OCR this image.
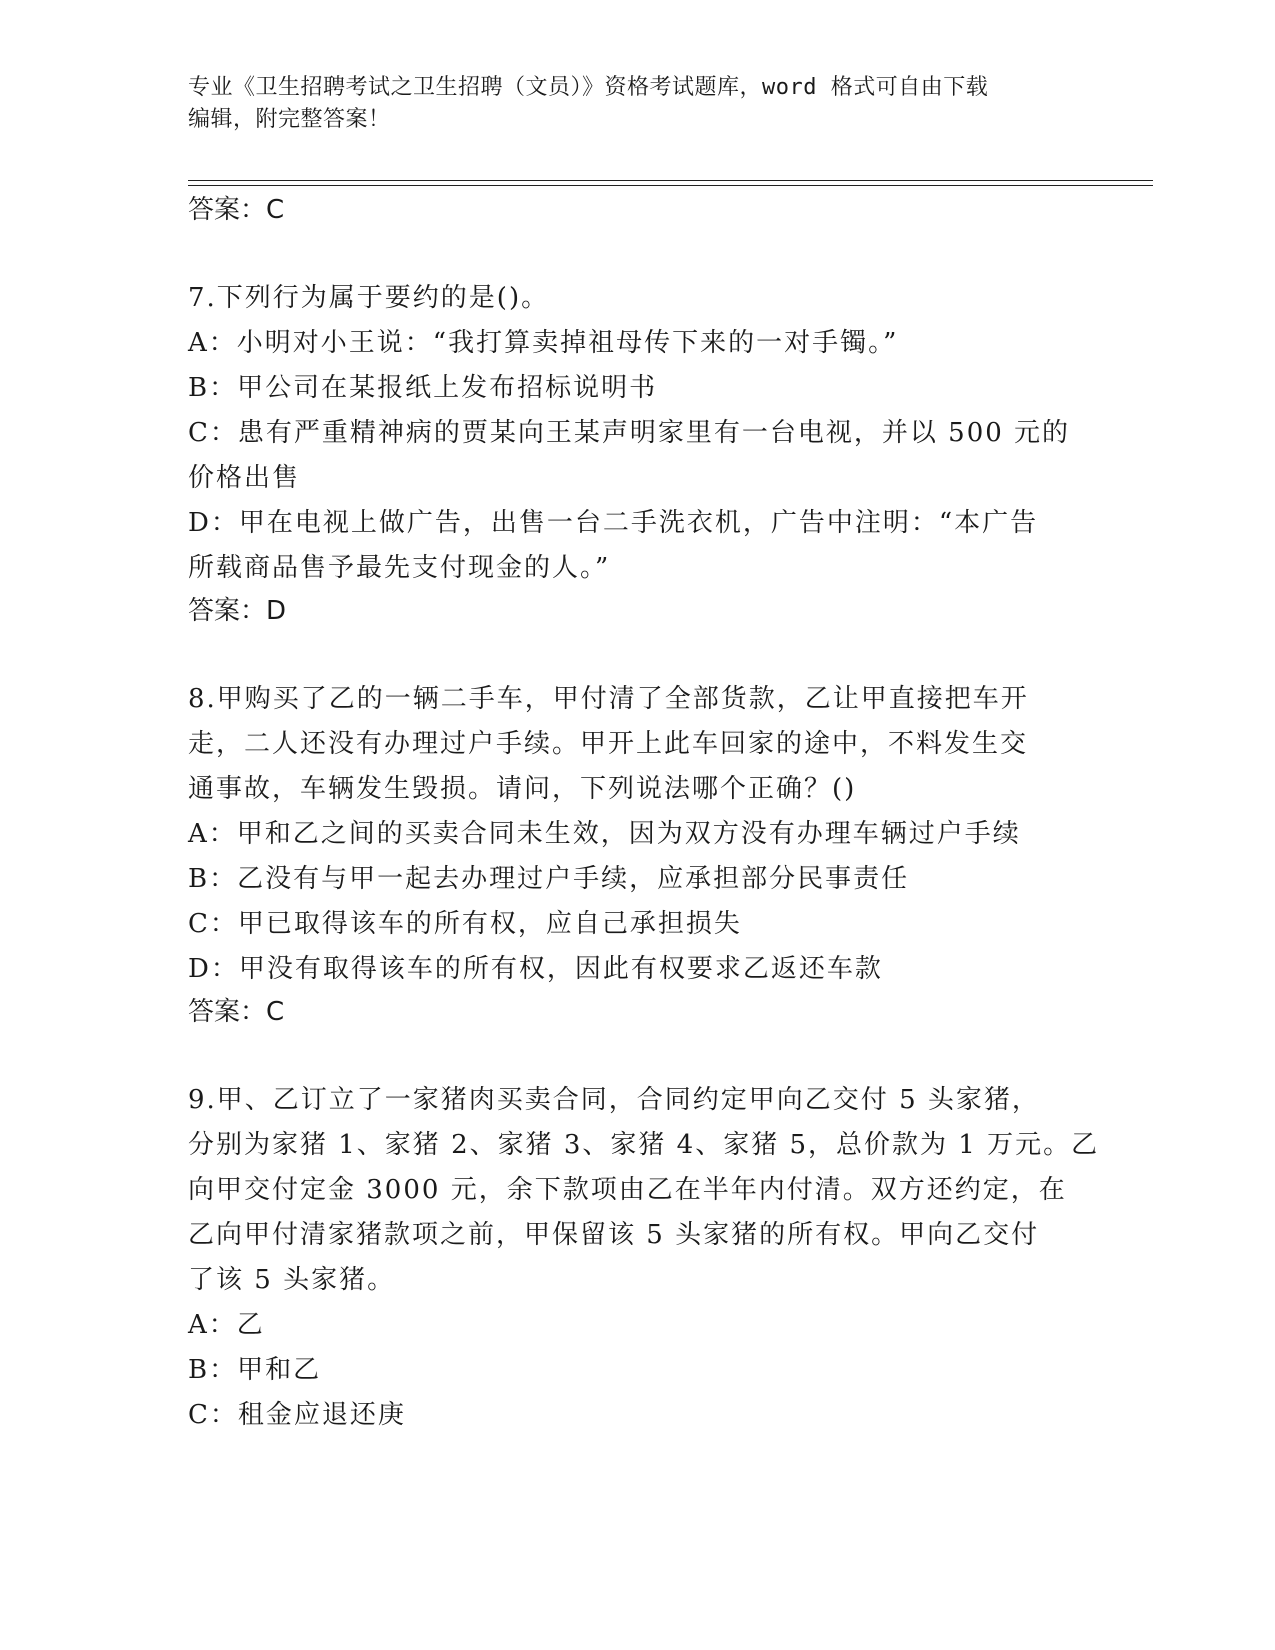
专业《卫生招聘考试之卫生招聘（文员）》资格考试题库，word 格式可自由下载
编辑，附完整答案！

答案：C

7.下列行为属于要约的是()。

A：小明对小王说：“我打算卖掉祖母传下来的一对手镯。”

B：甲公司在某报纸上发布招标说明书

C：患有严重精神病的贾某向王某声明家里有一台电视，并以 500 元的

价格出售

D：甲在电视上做广告，出售一台二手洗衣机，广告中注明：“本广告

所载商品售予最先支付现金的人。”

答案：D

8.甲购买了乙的一辆二手车，甲付清了全部货款，乙让甲直接把车开

走，二人还没有办理过户手续。甲开上此车回家的途中，不料发生交

通事故，车辆发生毁损。请问，下列说法哪个正确？()

A：甲和乙之间的买卖合同未生效，因为双方没有办理车辆过户手续

B：乙没有与甲一起去办理过户手续，应承担部分民事责任

C：甲已取得该车的所有权，应自己承担损失

D：甲没有取得该车的所有权，因此有权要求乙返还车款

答案：C

9.甲、乙订立了一家猪肉买卖合同，合同约定甲向乙交付 5 头家猪，

分别为家猪 1、家猪 2、家猪 3、家猪 4、家猪 5，总价款为 1 万元。乙

向甲交付定金 3000 元，余下款项由乙在半年内付清。双方还约定，在

乙向甲付清家猪款项之前，甲保留该 5 头家猪的所有权。甲向乙交付

了该 5 头家猪。

A：乙

B：甲和乙

C：租金应退还庚
